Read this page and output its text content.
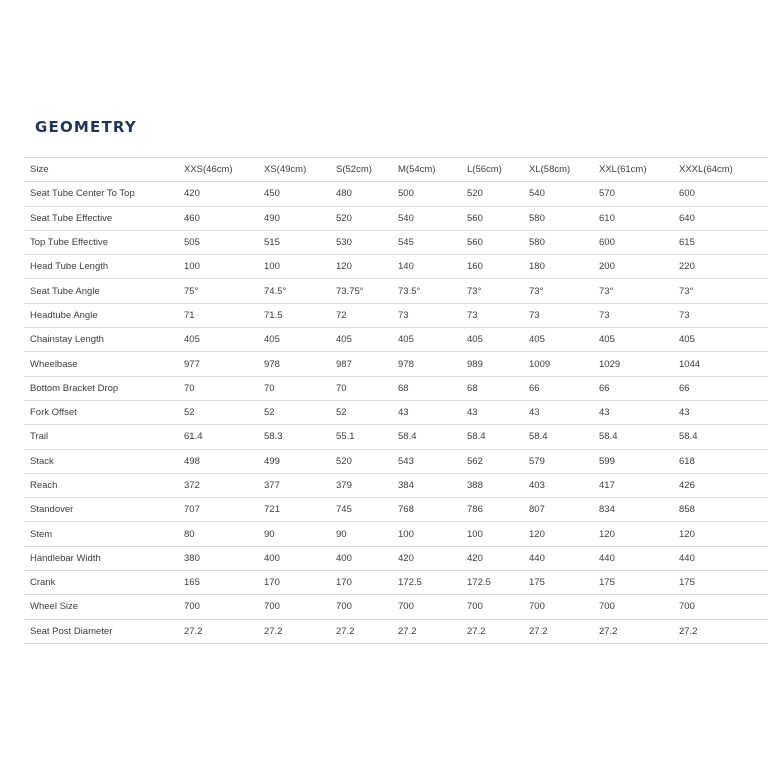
GEOMETRY
Size	XXS(46cm)	XS(49cm)	S(52cm)	M(54cm)	L(56cm)	XL(58cm)	XXL(61cm)	XXXL(64cm)
Seat Tube Center To Top	420	450	480	500	520	540	570	600
Seat Tube Effective	460	490	520	540	560	580	610	640
Top Tube Effective	505	515	530	545	560	580	600	615
Head Tube Length	100	100	120	140	160	180	200	220
Seat Tube Angle	75°	74.5°	73.75°	73.5°	73°	73°	73°	73°
Headtube Angle	71	71.5	72	73	73	73	73	73
Chainstay Length	405	405	405	405	405	405	405	405
Wheelbase	977	978	987	978	989	1009	1029	1044
Bottom Bracket Drop	70	70	70	68	68	66	66	66
Fork Offset	52	52	52	43	43	43	43	43
Trail	61.4	58.3	55.1	58.4	58.4	58.4	58.4	58.4
Stack	498	499	520	543	562	579	599	618
Reach	372	377	379	384	388	403	417	426
Standover	707	721	745	768	786	807	834	858
Stem	80	90	90	100	100	120	120	120
Handlebar Width	380	400	400	420	420	440	440	440
Crank	165	170	170	172.5	172.5	175	175	175
Wheel Size	700	700	700	700	700	700	700	700
Seat Post Diameter	27.2	27.2	27.2	27.2	27.2	27.2	27.2	27.2
